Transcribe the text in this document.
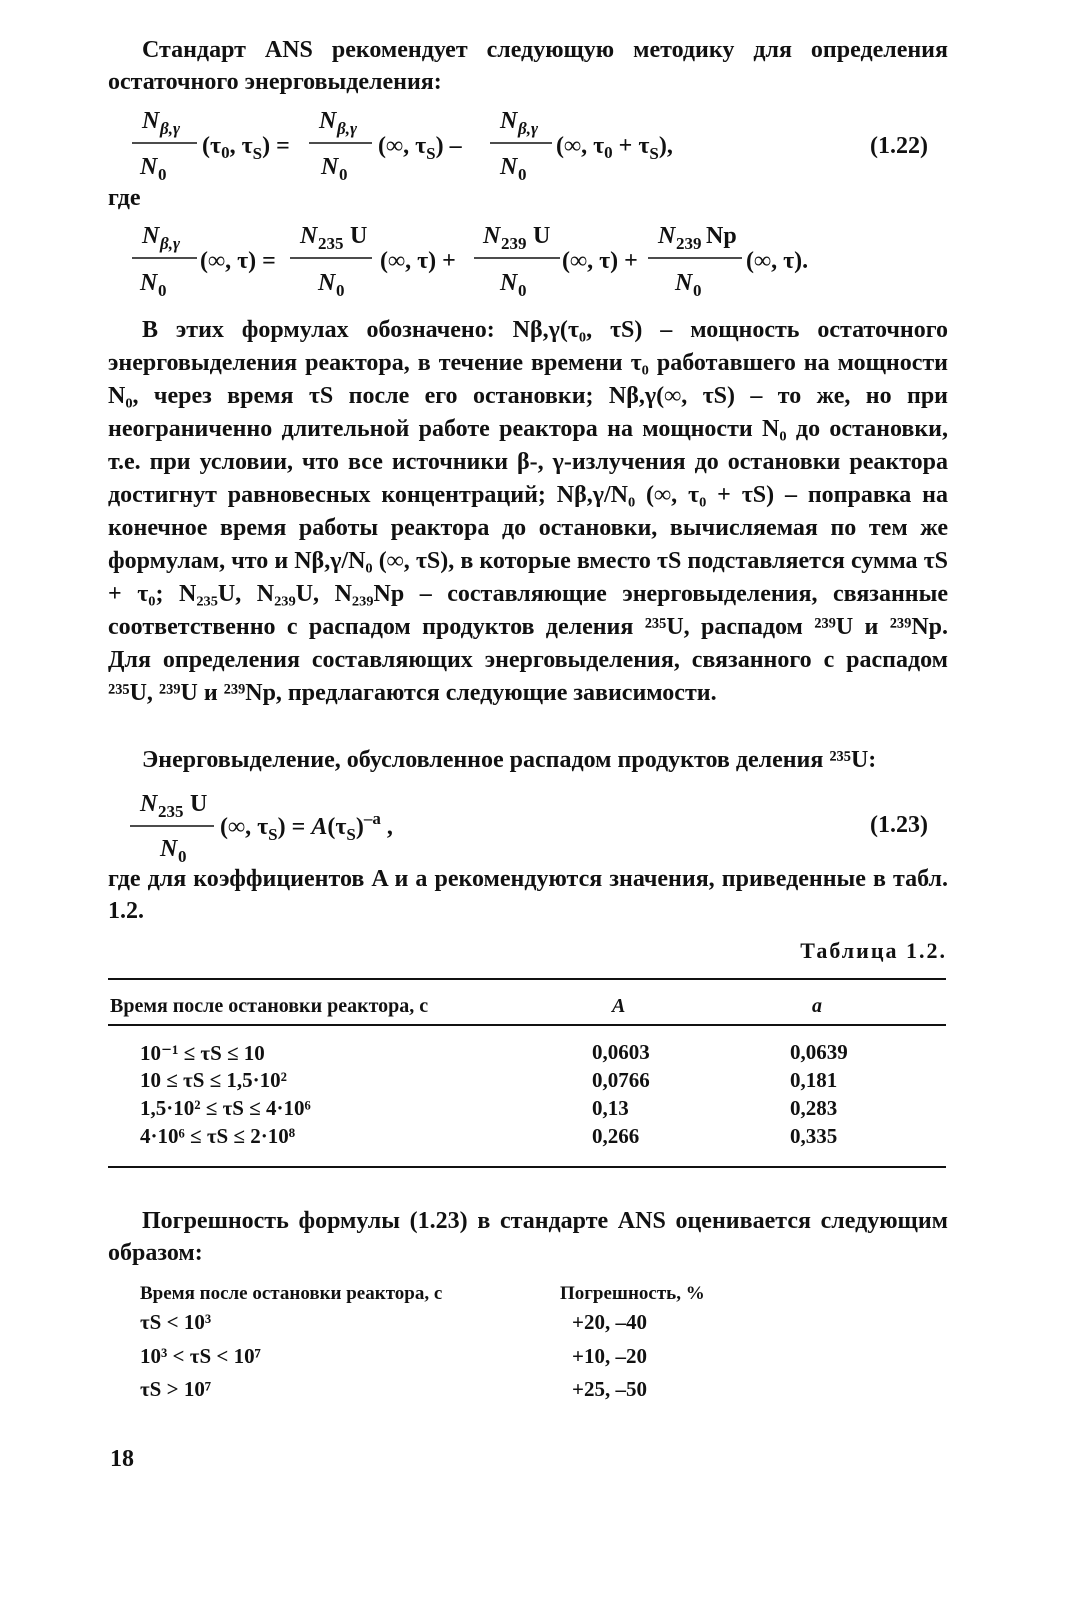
Стандарт ANS рекомендует следующую методику для определения остаточного энерговыделения:

N β,γ
N 0
($\tau_0$, $\tau_S$) =
N β,γ
N 0
(∞, $\tau_S$) –
N β,γ
N 0
(∞, $\tau_0 + \tau_S$),
N β,γ
N 0
(∞, τ) =
N 235 U
N 0
(∞, τ) +
N 239 U
N 0
(∞, τ) +
N 239 Np
N 0
(∞, τ).
N 235 U
N 0
(∞, $\tau_S) = A(\tau_S)^{-a}$ ,
(1.22)

где

В этих формулах обозначено: Nβ,γ(τ₀, τS) – мощность остаточного энерговыделения реактора, в течение времени τ₀ работавшего на мощности N₀, через время τS после его остановки; Nβ,γ(∞, τS) – то же, но при неограниченно длительной работе реактора на мощности N₀ до остановки, т.е. при условии, что все источники β-, γ-излучения до остановки реактора достигнут равновесных концентраций; Nβ,γ/N₀ (∞, τ₀ + τS) – поправка на конечное время работы реактора до остановки, вычисляемая по тем же формулам, что и Nβ,γ/N₀ (∞, τS), в которые вместо τS подставляется сумма τS + τ₀; N₂₃₅U, N₂₃₉U, N₂₃₉Np – составляющие энерговыделения, связанные соответственно с распадом продуктов деления ²³⁵U, распадом ²³⁹U и ²³⁹Np. Для определения составляющих энерговыделения, связанного с распадом ²³⁵U, ²³⁹U и ²³⁹Np, предлагаются следующие зависимости.

Энерговыделение, обусловленное распадом продуктов деления ²³⁵U:

(1.23)

где для коэффициентов A и a рекомендуются значения, приведенные в табл. 1.2.

Таблица 1.2.
Время после остановки реактора, с	A	a
10⁻¹ ≤ τS ≤ 10	0,0603	0,0639
10 ≤ τS ≤ 1,5·10²	0,0766	0,181
1,5·10² ≤ τS ≤ 4·10⁶	0,13	0,283
4·10⁶ ≤ τS ≤ 2·10⁸	0,266	0,335

Погрешность формулы (1.23) в стандарте ANS оценивается следующим образом:

Время после остановки реактора, с	Погрешность, %
τS < 10³	+20, –40
10³ < τS < 10⁷	+10, –20
τS > 10⁷	+25, –50
18
